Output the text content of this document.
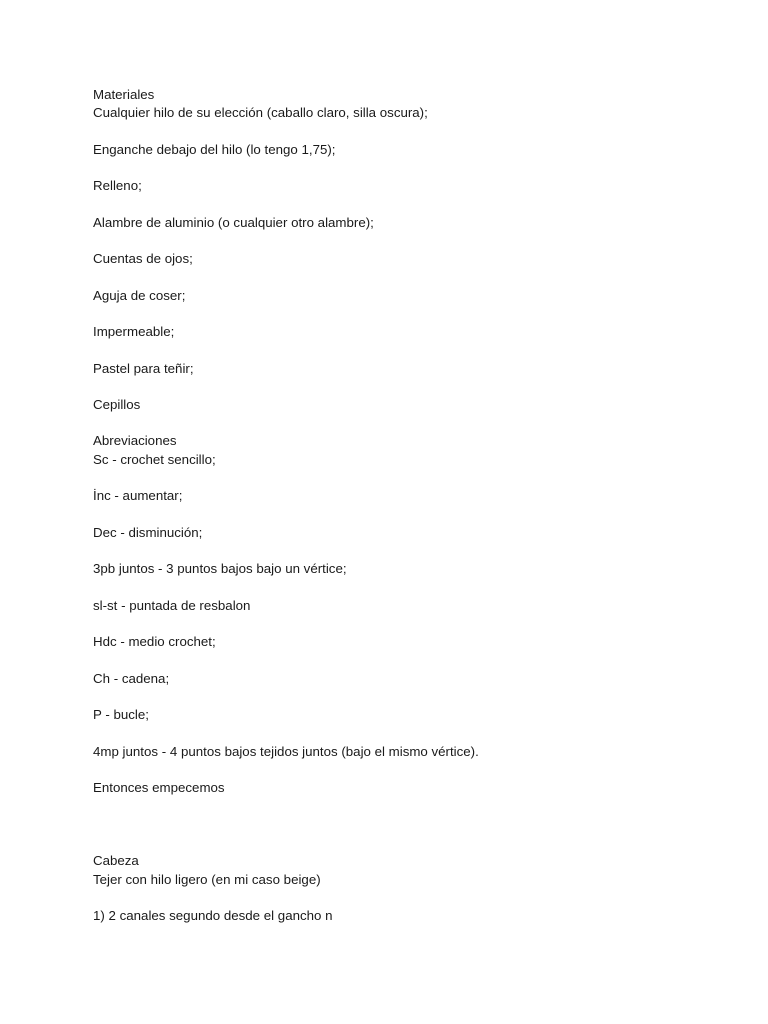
Materiales

Cualquier hilo de su elección (caballo claro, silla oscura);

Enganche debajo del hilo (lo tengo 1,75);

Relleno;

Alambre de aluminio (o cualquier otro alambre);

Cuentas de ojos;

Aguja de coser;

Impermeable;

Pastel para teñir;

Cepillos

Abreviaciones

Sc - crochet sencillo;

İnc - aumentar;

Dec - disminución;

3pb juntos - 3 puntos bajos bajo un vértice;

sl-st - puntada de resbalon

Hdc - medio crochet;

Ch - cadena;

P - bucle;

4mp juntos - 4 puntos bajos tejidos juntos (bajo el mismo vértice).

Entonces empecemos

Cabeza

Tejer con hilo ligero (en mi caso beige)

1) 2 canales segundo desde el gancho n
